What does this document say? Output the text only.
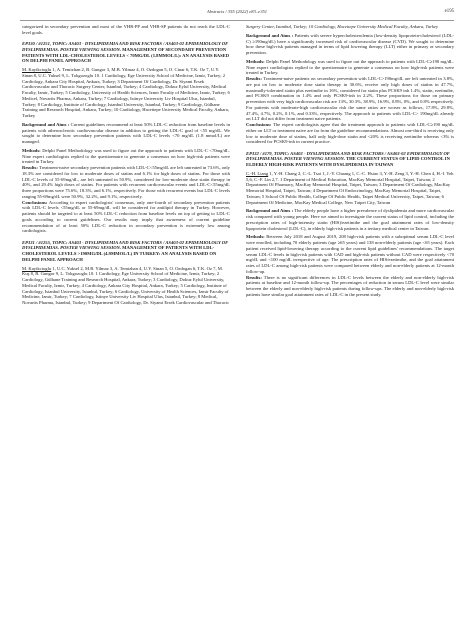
Abstracts / 355 (2022) e83–e351	e195

categorized in secondary prevention and most of the VHR-PP and VHR-SP patients do not reach the LDL-C level goals.

EP330 / #1251, TOPIC: AS403 - DYSLIPIDEMIA AND RISK FACTORS / AS403-02 EPIDEMIOLOGY OF DYSLIPIDEMIAS. POSTER VIEWING SESSION. MANAGEMENT OF SECONDARY PREVENTION PATIENTS WITH LDL-CHOLESTEROL LEVELS < 70MG/DL (1.8MMOL/L): AN ANALYSIS BASED ON DELPHI PANEL APPROACH

M. Kayikcioglu 1, A. Temizhan 2, B. Gungor 3, M.B. Yilmaz 4, O. Ozdogan 5, O. Cinar 6, T.K. Oz 7, U.Y. Sinan 8, U.C. Yuksel 9, L. Tokgozoglu 10. 1 Cardiology, Ege University School of Medicine, Izmir, Turkey; 2 Cardiology, Ankara City Hospital, Ankara, Turkey; 3 Department Of Cardiology, Dr. Siyami Ersek Cardiovascular and Thoracic Surgery Center, Istanbul, Turkey; 4 Cardiology, Dokuz Eylul University, Medical Faculty, Izmir, Turkey; 5 Cardiology, University of Health Sciences, Izmir Faculty of Medicine, Izmir, Turkey; 6 Medicel, Novartis Pharma, Ankara, Turkey; 7 Cardiology, Istinye University Liv Hospital Ulus, Istanbul, Turkey; 8 Cardiology, Institute of Cardiology, Istanbul University, Istanbul, Turkey; 9 Cardiology, Gülhane Training and Research Hospital, Ankara, Turkey; 10 Cardiology, Hacettepe University Medical Faculty, Ankara, Turkey

Background and Aims : Current guidelines recommend at least 50% LDL-C reduction from baseline levels in patients with atherosclerotic cardiovascular disease in addition to getting the LDL-C goal of <55 mg/dL. We sought to determine how secondary prevention patients with LDL-C levels <70 mg/dL (1.8 mmol/L) are managed.

Methods: Delphi Panel Methodology was used to figure out the approach to patients with LDL-C <70mg/dL. Nine expert cardiologists replied to the questionnaire to generate a consensus on how high-risk patients were treated in Turkey.

Results: Treatment-naive secondary prevention patients with LDL-C<55mg/dL are left untreated in 73.6%, only 18.3% are considered for low to moderate doses of statins and 6.1% for high doses of statins. For those with LDL-C levels of 55-69mg/dL, are left untreated in 50.9%, considered for low-moderate dose statin therapy in 40%, and 29.4% high doses of statins. For patients with recurrent cardiovascular events and LDL-C<55mg/dL three proportions were 75.6%, 18.3%, and 6.1%, respectively. For those with recurrent events but LDL-C levels ranging 55-69mg/dL were 50.9%, 32.2%, and 9.1%, respectively.

Conclusions: According to expert cardiologists' consensus, only one-fourth of secondary prevention patients with LDL-C levels <55mg/dL or 55-69mg/dL will be considered for antilipid therapy in Turkey. However, patients should be targeted to at least 50% LDL-C reduction from baseline levels on top of getting to LDL-C goals according to current guidelines. Our results may imply that awareness of current guideline recommendation of at least 50% LDL-C reduction in secondary prevention is extremely low among cardiologists.

EP331 / #1255, TOPIC: AS403 - DYSLIPIDEMIA AND RISK FACTORS / AS403-02 EPIDEMIOLOGY OF DYSLIPIDEMIAS. POSTER VIEWING SESSION. MANAGEMENT OF PATIENTS WITH LDL-CHOLESTEROL LEVELS >190MG/DL (4.9MMOL/L) IN TURKEY: AN ANALYSIS BASED ON DELPHI PANEL APPROACH

M. Kayikcioglu 1, U.C. Yuksel 2, M.B. Yilmaz 3, A. Temizhan 4, U.Y. Sinan 5, O. Ozdogan 6, T.K. Oz 7, M. Kuş 8, B. Gungor 9, L. Tokgozoglu 10. 1 Cardiology, Ege University School of Medicine, Izmir, Turkey; 2 Cardiology, Gülhane Training and Research Hospital, Ankara, Turkey; 3 Cardiology, Dokuz Eylul University, Medical Faculty, Izmir, Turkey; 4 Cardiology, Ankara City Hospital, Ankara, Turkey; 5 Cardiology, Institute of Cardiology, Istanbul University, Istanbul, Turkey; 6 Cardiology, University of Health Sciences, Izmir Faculty of Medicine, Izmir, Turkey; 7 Cardiology, Istinye University Liv Hospital Ulus, Istanbul, Turkey; 8 Medical, Novartis Pharma, Istanbul, Turkey; 9 Department Of Cardiology, Dr. Siyami Ersek Cardiovascular and Thoracic

Surgery Center, Istanbul, Turkey; 10 Cardiology, Hacettepe University Medical Faculty, Ankara, Turkey

Background and Aims : Patients with severe hypercholesterolemia (low-density lipoprotein-cholesterol (LDL-C) ≥190mg/dL) have a significantly increased risk of cardiovascular disease (CVD). We sought to determine how these high-risk patients managed in terms of lipid lowering therapy (LLT) either in primary or secondary prevention.

Methods: Delphi Panel Methodology was used to figure out the approach to patients with LDL-C≥190 mg/dL. Nine expert cardiologists replied to the questionnaire to generate a consensus on how high-risk patients were treated in Turkey.

Results: Treatment-naive patients on secondary prevention with LDL-C>190mg/dL are left untreated in 3.8%, are put on low to moderate dose statin therapy in 30.6%, receive only high doses of statins in 47.7%, maximally-tolerated statin plus ezetimibe in 16%, considered for statin plus PCSK9 inh 1.4%, statin, ezetimibe, and PCSK9 combination in 1.4% and only PCSK9-inh in 2.2%. These proportions for those on primary prevention with very high cardiovascular risk are 13%, 30.3%, 38.9%, 16.9%, 0.8%, 0%, and 0.8% respectively. For patients with moderate-high cardiovascular risk the same ratios are worser as follows, 17.8%, 29.8%, 47.4%, 4.7%, 0.2%, 0.1%, and 0.33%, respectively. The approach to patients with LDL-C> 190mg/dL already on LLT did not differ from treatment naive patients.

Conclusions: The expert cardiologists agree that the treatment approach to patients with LDL-C≥190 mg/dL either on LLT or treatment naive are far from the guideline recommendations. Almost one-third is receiving only low to moderate dose of statins, half only high-dose statin and <20% is receiving ezetimibe whereas <3% is considered for PCSK9-inh in current practice.

EP332 / #179, TOPIC: AS403 - DYSLIPIDEMIA AND RISK FACTORS / AS403-02 EPIDEMIOLOGY OF DYSLIPIDEMIAS. POSTER VIEWING SESSION. THE CURRENT STATUS OF LIPID CONTROL IN ELDERLY HIGH-RISK PATIENTS WITH DYSLIPIDEMIA IN TAIWAN

C.-H. Liang 1, Y.-H. Chang 2, C.-L. Tsai 1, J.-Y. Chuang 1, C.-C. Hsiao 3, Y.-H. Zeng 3, Y.-H. Chen 4, H.-I. Yeh 5,6, C.-F. Lin 2,7. 1 Department of Medical Education, MacKay Memorial Hospital, Taipei, Taiwan; 2 Department Of Pharmacy, MacKay Memorial Hospital, Taipei, Taiwan; 3 Department Of Cardiology, MacKay Memorial Hospital, Taipei, Taiwan; 4 Department Of Endocrinology, MacKay Memorial Hospital, Taipei, Taiwan; 5 School Of Public Health, College Of Public Health, Taipei Medical University, Taipei, Taiwan; 6 Department Of Medicine, MacKay Medical College, New Taipei City, Taiwan

Background and Aims : The elderly people have a higher prevalence of dyslipidemia and more cardiovascular risk compared with young people. Here we aimed to investigate the current status of lipid control, including the prescription rates of high-intensity statin (HIS)/ezetimibe and the goal attainment rates of low-density lipoprotein cholesterol (LDL-C), in elderly high-risk patients in a tertiary medical center in Taiwan.

Methods: Between July 2018 and August 2019, 208 high-risk patients with a suboptimal serum LDL-C level were enrolled, including 70 elderly patients (age ≥65 years) and 138 non-elderly patients (age <65 years). Each patient received lipid-lowering therapy according to the current lipid guidelines' recommendations. The target serum LDL-C levels in high-risk patients with CAD and high-risk patients without CAD were respectively <70 mg/dL and <100 mg/dL irrespective of age. The prescription rates of HIS/ezetimibe, and the goal attainment rates of LDL-C among high-risk patients were compared between elderly and non-elderly patients at 12-month follow-up.

Results: There is no significant differences in LDL-C levels between the elderly and non-elderly high-risk patients at baseline and 12-month follow-up. The percentages of reduction in serum LDL-C level were similar between the elderly and non-elderly high-risk patients during follow-ups. The elderly and non-elderly high-risk patients have similar goal attainment rates of LDL-C in the present study.
